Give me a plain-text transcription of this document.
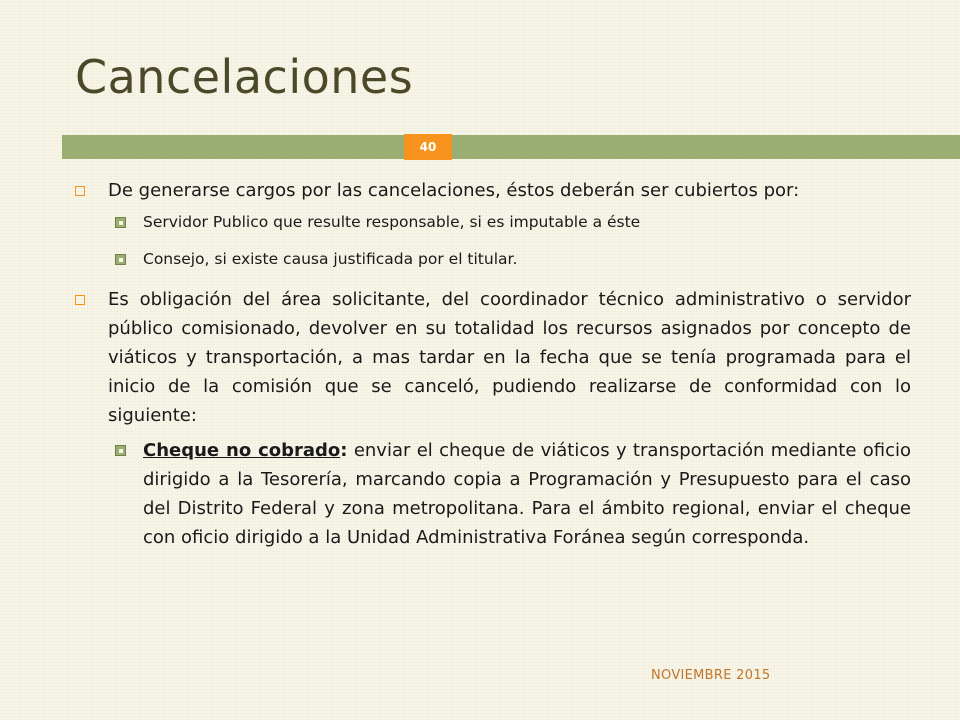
Cancelaciones
40
De generarse cargos por las cancelaciones, éstos deberán ser cubiertos por:
Servidor Publico que resulte responsable, si es imputable a éste
Consejo, si existe causa justificada por el titular.
Es obligación del área solicitante, del coordinador técnico administrativo o servidor público comisionado, devolver en su totalidad los recursos asignados por concepto de viáticos y transportación, a mas tardar en la fecha que se tenía programada para el inicio de la comisión que se canceló, pudiendo realizarse de conformidad con lo siguiente:
Cheque no cobrado: enviar el cheque de viáticos y transportación mediante oficio dirigido a la Tesorería, marcando copia a Programación y Presupuesto para el caso del Distrito Federal y zona metropolitana. Para el ámbito regional, enviar el cheque con oficio dirigido a la Unidad Administrativa Foránea según corresponda.
NOVIEMBRE 2015
